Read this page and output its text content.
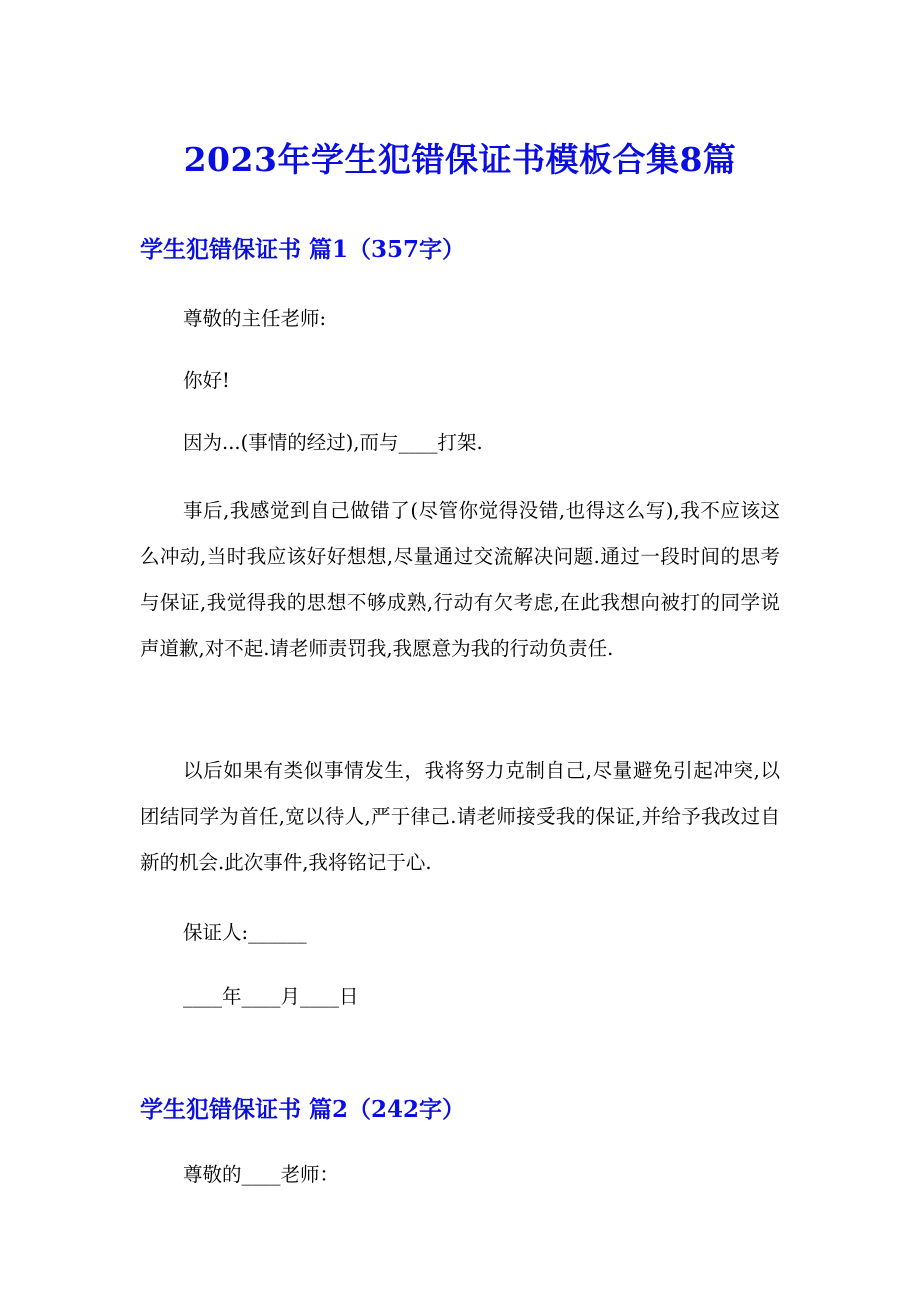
2023年学生犯错保证书模板合集8篇
学生犯错保证书 篇1（357字）

尊敬的主任老师:

你好!

因为...(事情的经过),而与____打架.

事后,我感觉到自己做错了(尽管你觉得没错,也得这么写),我不应该这么冲动,当时我应该好好想想,尽量通过交流解决问题.通过一段时间的思考与保证,我觉得我的思想不够成熟,行动有欠考虑,在此我想向被打的同学说声道歉,对不起.请老师责罚我,我愿意为我的行动负责任.

以后如果有类似事情发生，我将努力克制自己,尽量避免引起冲突,以团结同学为首任,宽以待人,严于律己.请老师接受我的保证,并给予我改过自新的机会.此次事件,我将铭记于心.

保证人:______

____年____月____日

学生犯错保证书 篇2（242字）

尊敬的____老师：
